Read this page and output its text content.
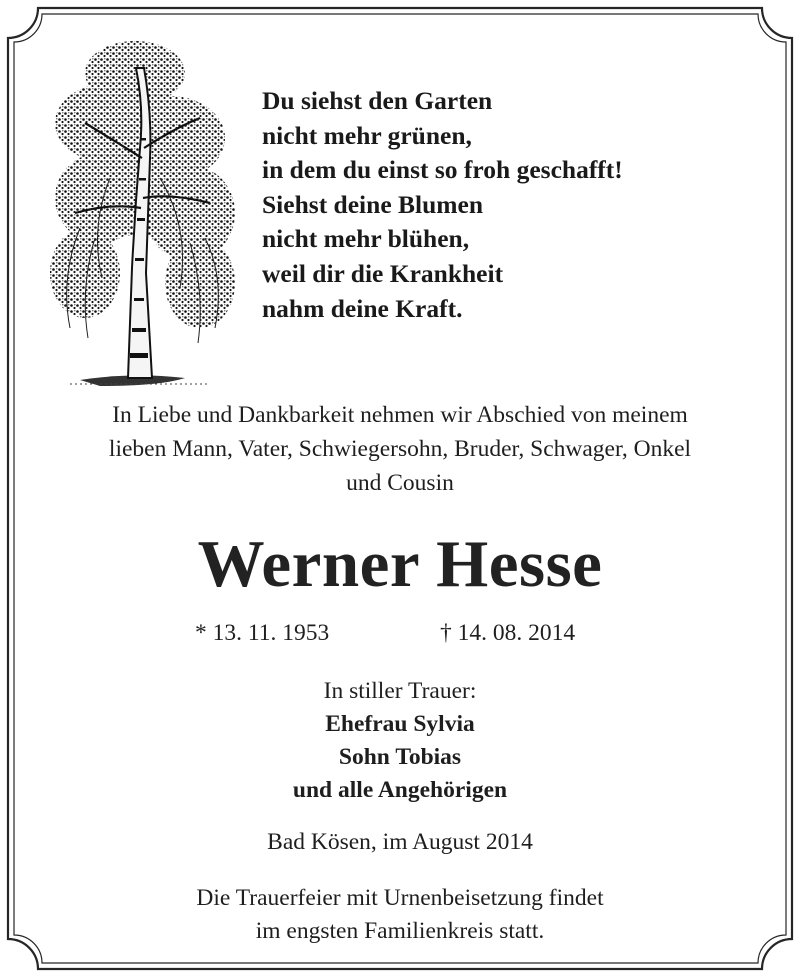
Du siehst den Garten
nicht mehr grünen,
in dem du einst so froh geschafft!
Siehst deine Blumen
nicht mehr blühen,
weil dir die Krankheit
nahm deine Kraft.
In Liebe und Dankbarkeit nehmen wir Abschied von meinem
lieben Mann, Vater, Schwiegersohn, Bruder, Schwager, Onkel
und Cousin
Werner Hesse
* 13. 11. 1953	† 14. 08. 2014
In stiller Trauer:
Ehefrau Sylvia
Sohn Tobias
und alle Angehörigen
Bad Kösen, im August 2014
Die Trauerfeier mit Urnenbeisetzung findet
im engsten Familienkreis statt.
